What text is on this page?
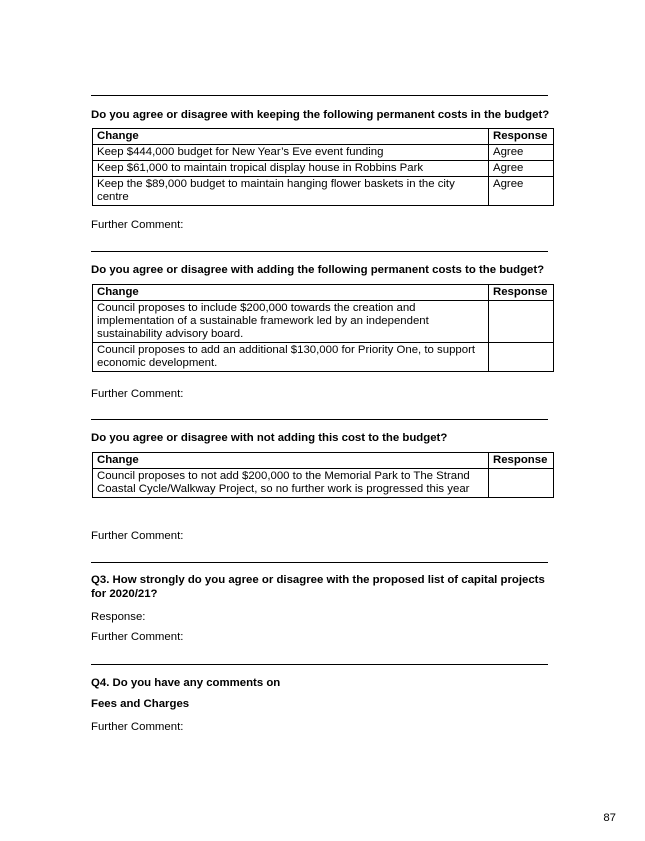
Do you agree or disagree with keeping the following permanent costs in the budget?
Change	Response
Keep $444,000 budget for New Year’s Eve event funding	Agree
Keep $61,000 to maintain tropical display house in Robbins Park	Agree
Keep the $89,000 budget to maintain hanging flower baskets in the city centre	Agree
Further Comment:
Do you agree or disagree with adding the following permanent costs to the budget?
Change	Response
Council proposes to include $200,000 towards the creation and implementation of a sustainable framework led by an independent sustainability advisory board.	
Council proposes to add an additional $130,000 for Priority One, to support economic development.	
Further Comment:
Do you agree or disagree with not adding this cost to the budget?
Change	Response
Council proposes to not add $200,000 to the Memorial Park to The Strand Coastal Cycle/Walkway Project, so no further work is progressed this year	
Further Comment:
Q3. How strongly do you agree or disagree with the proposed list of capital projects for 2020/21?
Response:
Further Comment:
Q4. Do you have any comments on
Fees and Charges
Further Comment:
87
